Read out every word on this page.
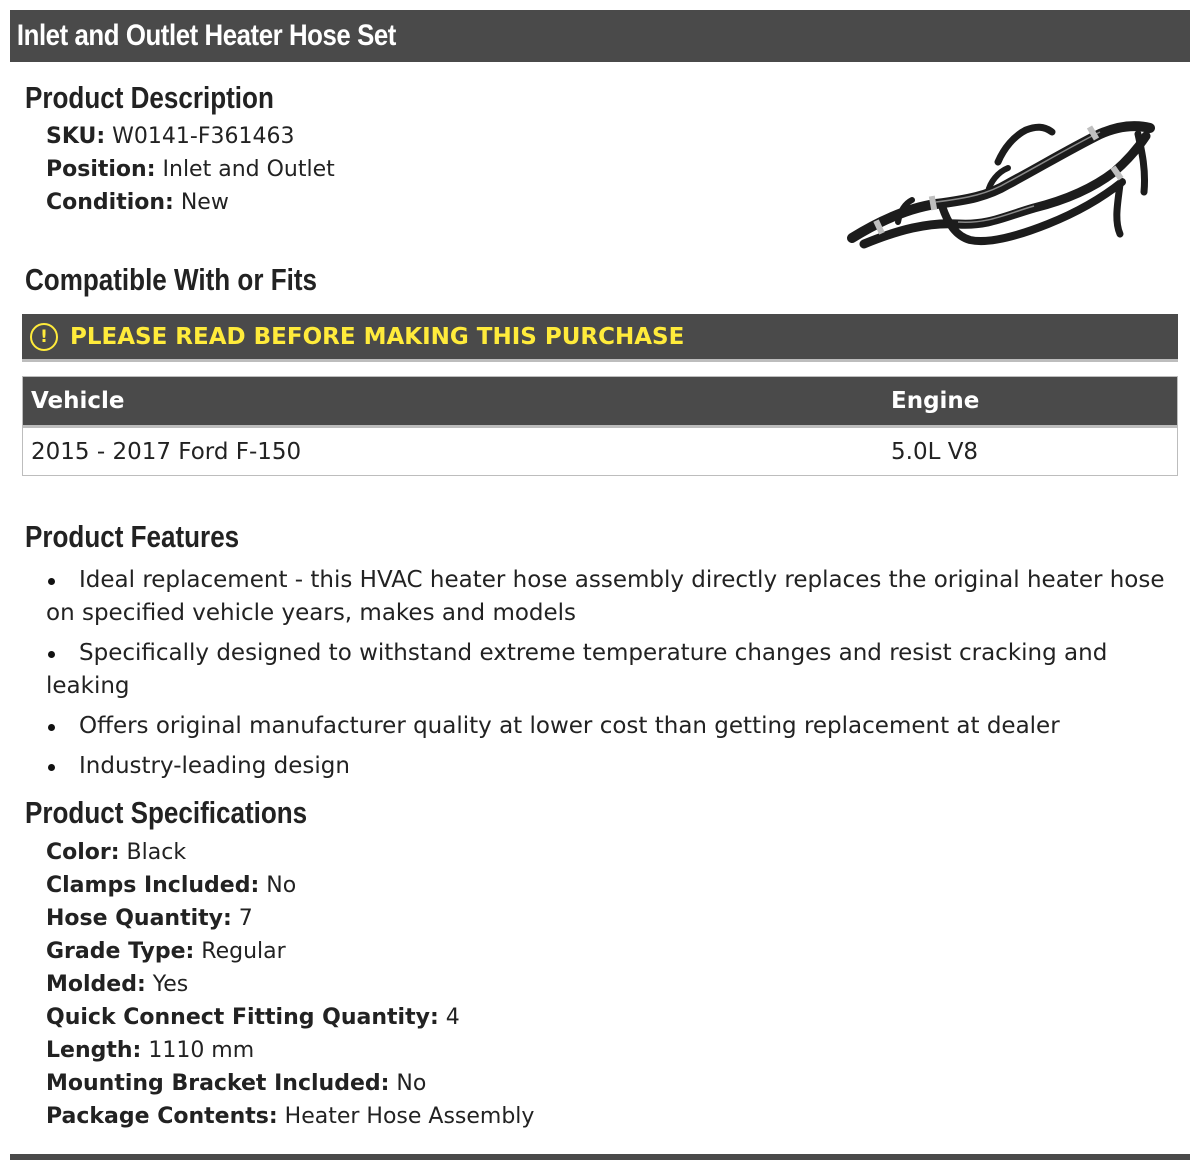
Inlet and Outlet Heater Hose Set
Product Description
SKU: W0141-F361463
Position: Inlet and Outlet
Condition: New
Compatible With or Fits
! PLEASE READ BEFORE MAKING THIS PURCHASE
Vehicle	Engine
2015 - 2017 Ford F-150	5.0L V8
Product Features
Ideal replacement - this HVAC heater hose assembly directly replaces the original heater hose on specified vehicle years, makes and models
Specifically designed to withstand extreme temperature changes and resist cracking and leaking
Offers original manufacturer quality at lower cost than getting replacement at dealer
Industry-leading design
Product Specifications
Color: Black
Clamps Included: No
Hose Quantity: 7
Grade Type: Regular
Molded: Yes
Quick Connect Fitting Quantity: 4
Length: 1110 mm
Mounting Bracket Included: No
Package Contents: Heater Hose Assembly
